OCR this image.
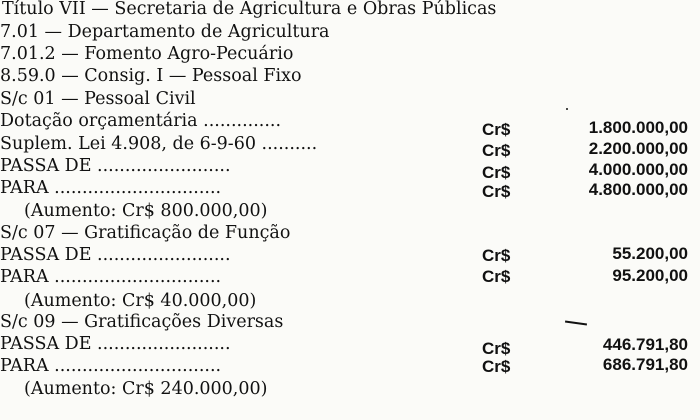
Título VII — Secretaria de Agricultura e Obras Públicas
7.01 — Departamento de Agricultura
7.01.2 — Fomento Agro-Pecuário
8.59.0 — Consig. I — Pessoal Fixo
S/c 01 — Pessoal Civil
Dotação orçamentária ..............	Cr$	1.800.000,00
Suplem. Lei 4.908, de 6-9-60 ..........	Cr$	2.200.000,00
PASSA DE ........................	Cr$	4.000.000,00
PARA ..............................	Cr$	4.800.000,00
(Aumento: Cr$ 800.000,00)
S/c 07 — Gratificação de Função
PASSA DE ........................	Cr$	55.200,00
PARA ..............................	Cr$	95.200,00
(Aumento: Cr$ 40.000,00)
S/c 09 — Gratificações Diversas
PASSA DE ........................	Cr$	446.791,80
PARA ..............................	Cr$	686.791,80
(Aumento: Cr$ 240.000,00)
